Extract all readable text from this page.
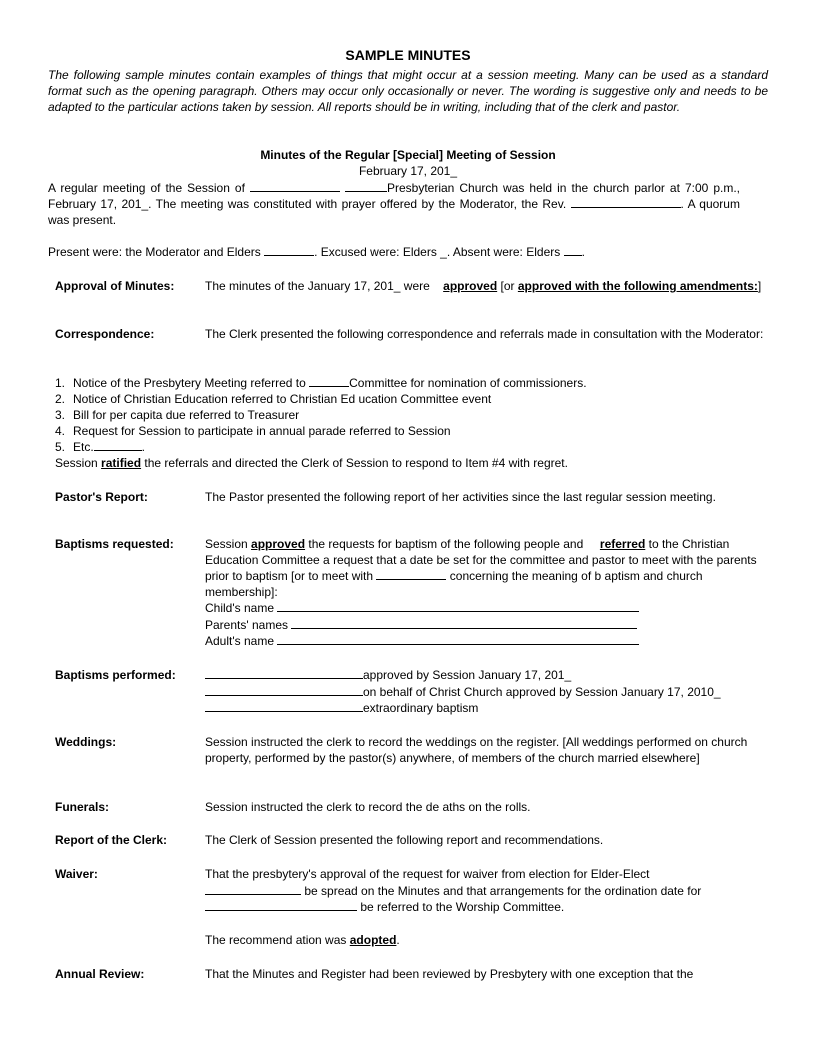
SAMPLE MINUTES
The following sample minutes contain examples of things that might occur at a session meeting. Many can be used as a standard format such as the opening paragraph. Others may occur only occasionally or never. The wording is suggestive only and needs to be adapted to the particular actions taken by session. All reports should be in writing, including that of the clerk and pastor.
Minutes of the Regular [Special] Meeting of Session
February 17, 201_
A regular meeting of the Session of	Presbyterian Church was held in the church parlor at 7:00 p.m., February 17, 201_. The meeting was constituted with prayer offered by the Moderator, the Rev.	. A quorum was present.
Present were: the Moderator and Elders	. Excused were: Elders _. Absent were: Elders .
Approval of Minutes:	The minutes of the January 17, 201_ were approved [or approved with the following amendments:]
Correspondence:	The Clerk presented the following correspondence and referrals made in consultation with the Moderator:
1. Notice of the Presbytery Meeting referred to	Committee for nomination of commissioners.
2. Notice of Christian Education referred to Christian Ed ucation Committee event
3. Bill for per capita due referred to Treasurer
4. Request for Session to participate in annual parade referred to Session
5. Etc.	.
Session ratified the referrals and directed the Clerk of Session to respond to Item #4 with regret.
Pastor's Report:	The Pastor presented the following report of her activities since the last regular session meeting.
Baptisms requested:	Session approved the requests for baptism of the following people and referred to the Christian Education Committee a request that a date be set for the committee and pastor to meet with the parents prior to baptism [or to meet with	concerning the meaning of b aptism and church membership]:
Child's name
Parents' names
Adult's name
Baptisms performed:	approved by Session January 17, 201_
on behalf of Christ Church approved by Session January 17, 2010_
extraordinary baptism
Weddings:	Session instructed the clerk to record the weddings on the register. [All weddings performed on church property, performed by the pastor(s) anywhere, of members of the church married elsewhere]
Funerals:	Session instructed the clerk to record the de aths on the rolls.
Report of the Clerk:	The Clerk of Session presented the following report and recommendations.
Waiver:	That the presbytery's approval of the request for waiver from election for Elder-Elect
be spread on the Minutes and that arrangements for the ordination date for
be referred to the Worship Committee.
The recommend ation was adopted.
Annual Review:	That the Minutes and Register had been reviewed by Presbytery with one exception that the
